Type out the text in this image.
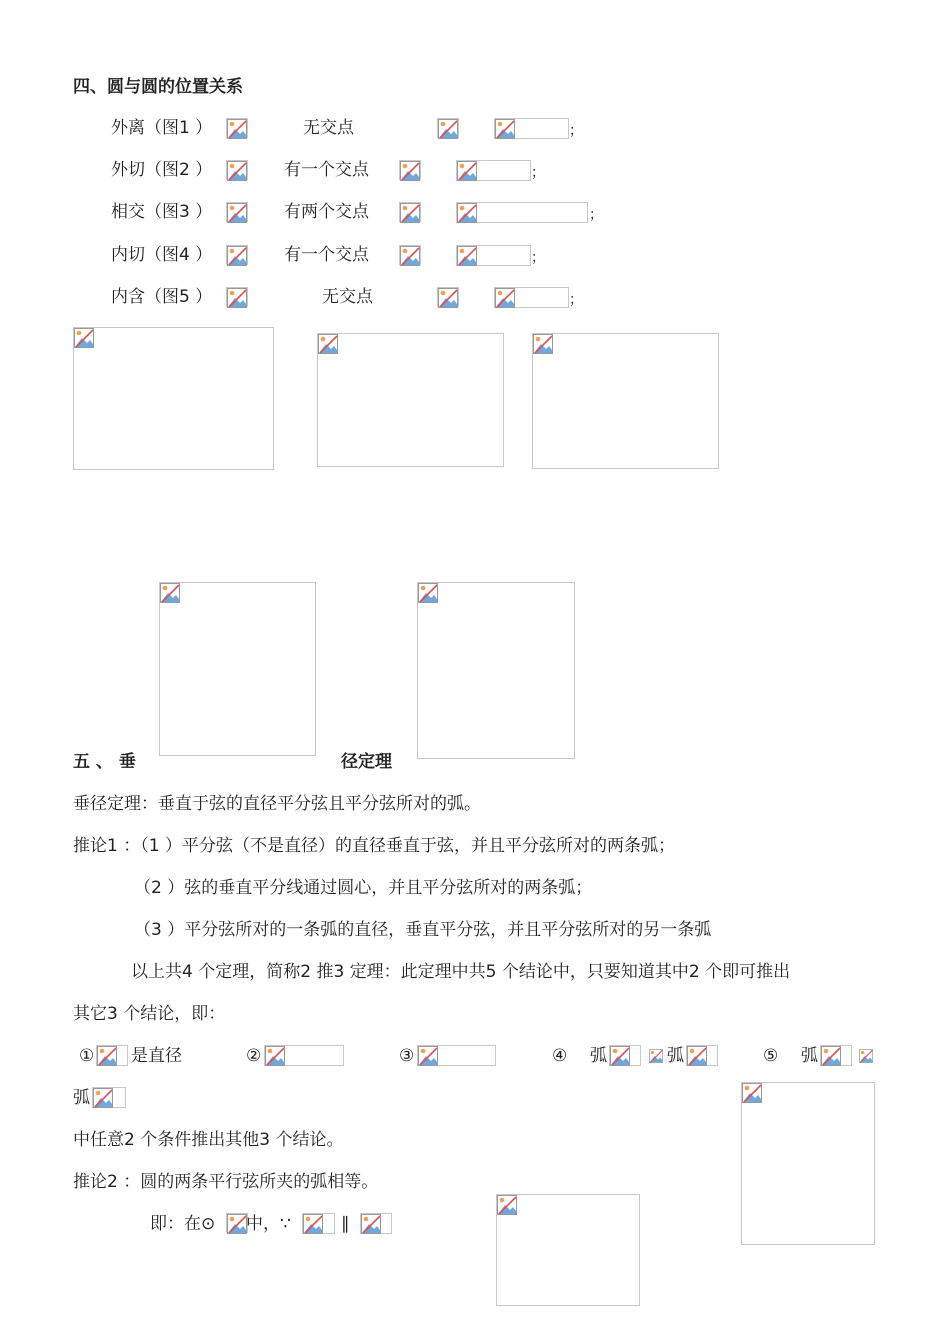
四、圆与圆的位置关系
外离（图1 ）	无交点	；
外切（图2 ）	有一个交点	；
相交（图3 ）	有两个交点	；
内切（图4 ）	有一个交点	；
内含（图5 ）	无交点	；
五 、 垂	径定理
垂径定理：垂直于弦的直径平分弦且平分弦所对的弧。
推论1 ：（1 ）平分弦（不是直径）的直径垂直于弦，并且平分弦所对的两条弧；
（2 ）弦的垂直平分线通过圆心，并且平分弦所对的两条弧；
（3 ）平分弦所对的一条弧的直径，垂直平分弦，并且平分弦所对的另一条弧
以上共4 个定理，简称2 推3 定理：此定理中共5 个结论中，只要知道其中2 个即可推出
其它3 个结论，即：
① 是直径	②	③	④ 弧	弧	⑤ 弧
弧
中任意2 个条件推出其他3 个结论。
推论2 ：圆的两条平行弦所夹的弧相等。
即：在⊙ 中，∵	∥
